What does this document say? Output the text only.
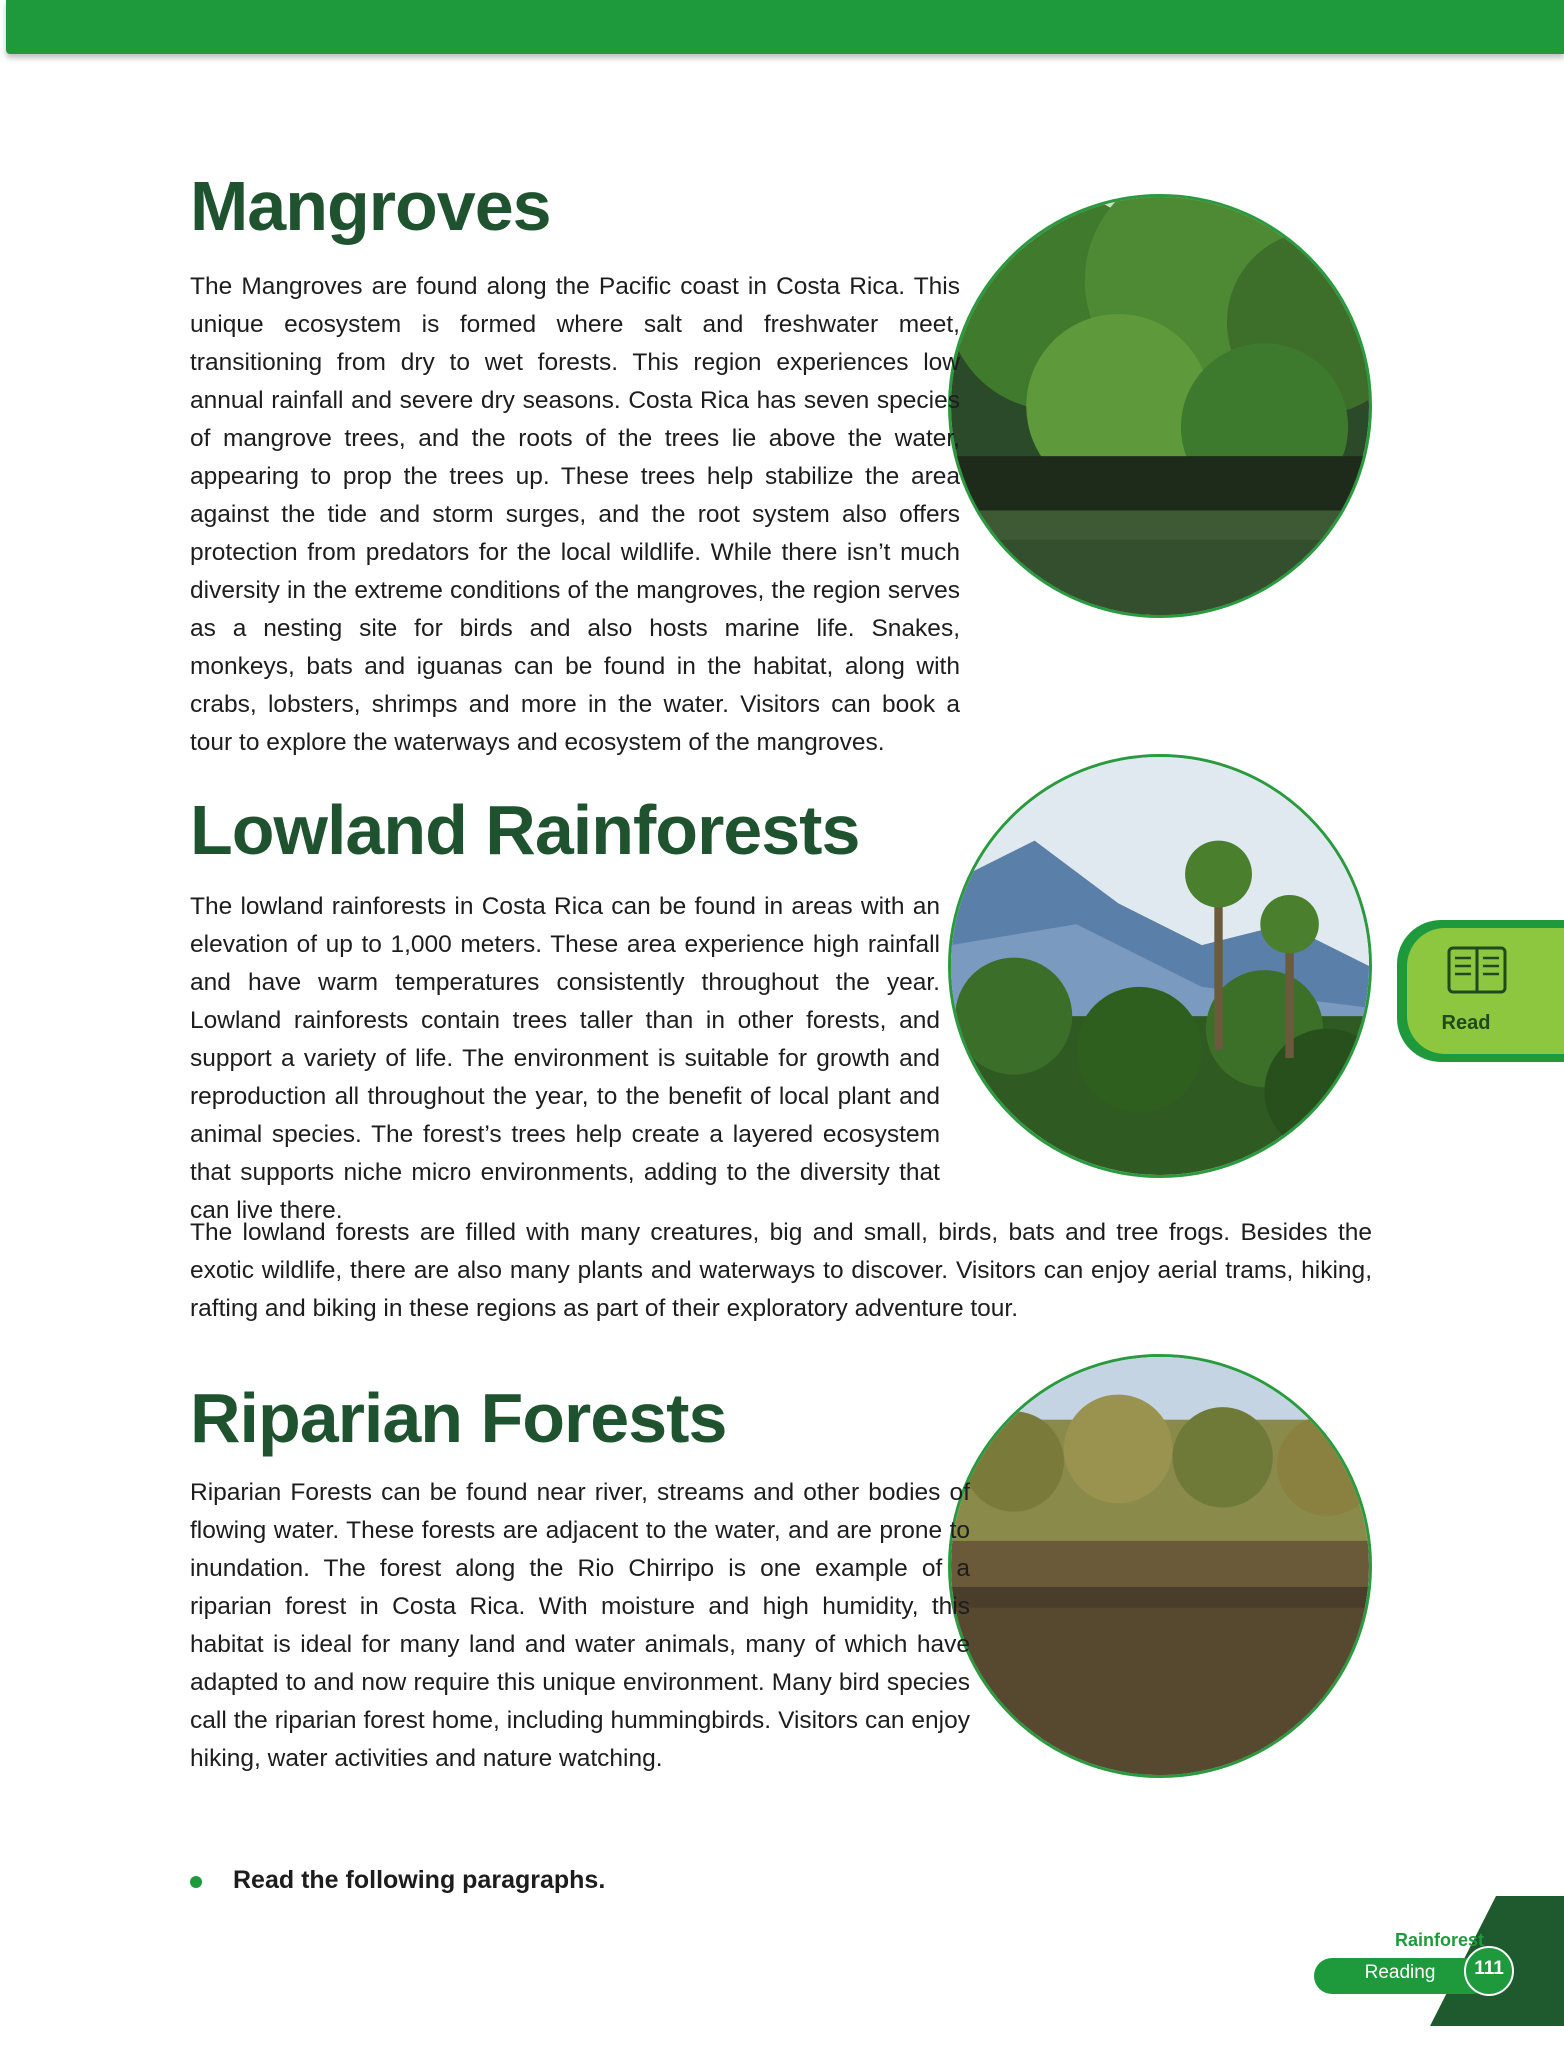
Mangroves

The Mangroves are found along the Pacific coast in Costa Rica. This unique ecosystem is formed where salt and freshwater meet, transitioning from dry to wet forests. This region experiences low annual rainfall and severe dry seasons. Costa Rica has seven species of mangrove trees, and the roots of the trees lie above the water, appearing to prop the trees up. These trees help stabilize the area against the tide and storm surges, and the root system also offers protection from predators for the local wildlife. While there isn’t much diversity in the extreme conditions of the mangroves, the region serves as a nesting site for birds and also hosts marine life. Snakes, monkeys, bats and iguanas can be found in the habitat, along with crabs, lobsters, shrimps and more in the water. Visitors can book a tour to explore the waterways and ecosystem of the mangroves.

Lowland Rainforests

The lowland rainforests in Costa Rica can be found in areas with an elevation of up to 1,000 meters. These area experience high rainfall and have warm temperatures consistently throughout the year. Lowland rainforests contain trees taller than in other forests, and support a variety of life. The environment is suitable for growth and reproduction all throughout the year, to the benefit of local plant and animal species. The forest’s trees help create a layered ecosystem that supports niche micro environments, adding to the diversity that can live there.

The lowland forests are filled with many creatures, big and small, birds, bats and tree frogs. Besides the exotic wildlife, there are also many plants and waterways to discover. Visitors can enjoy aerial trams, hiking, rafting and biking in these regions as part of their exploratory adventure tour.

Riparian Forests

Riparian Forests can be found near river, streams and other bodies of flowing water. These forests are adjacent to the water, and are prone to inundation. The forest along the Rio Chirripo is one example of a riparian forest in Costa Rica. With moisture and high humidity, this habitat is ideal for many land and water animals, many of which have adapted to and now require this unique environment. Many bird species call the riparian forest home, including hummingbirds. Visitors can enjoy hiking, water activities and nature watching.

Read

Read the following paragraphs.

Rainforest
Reading	111
